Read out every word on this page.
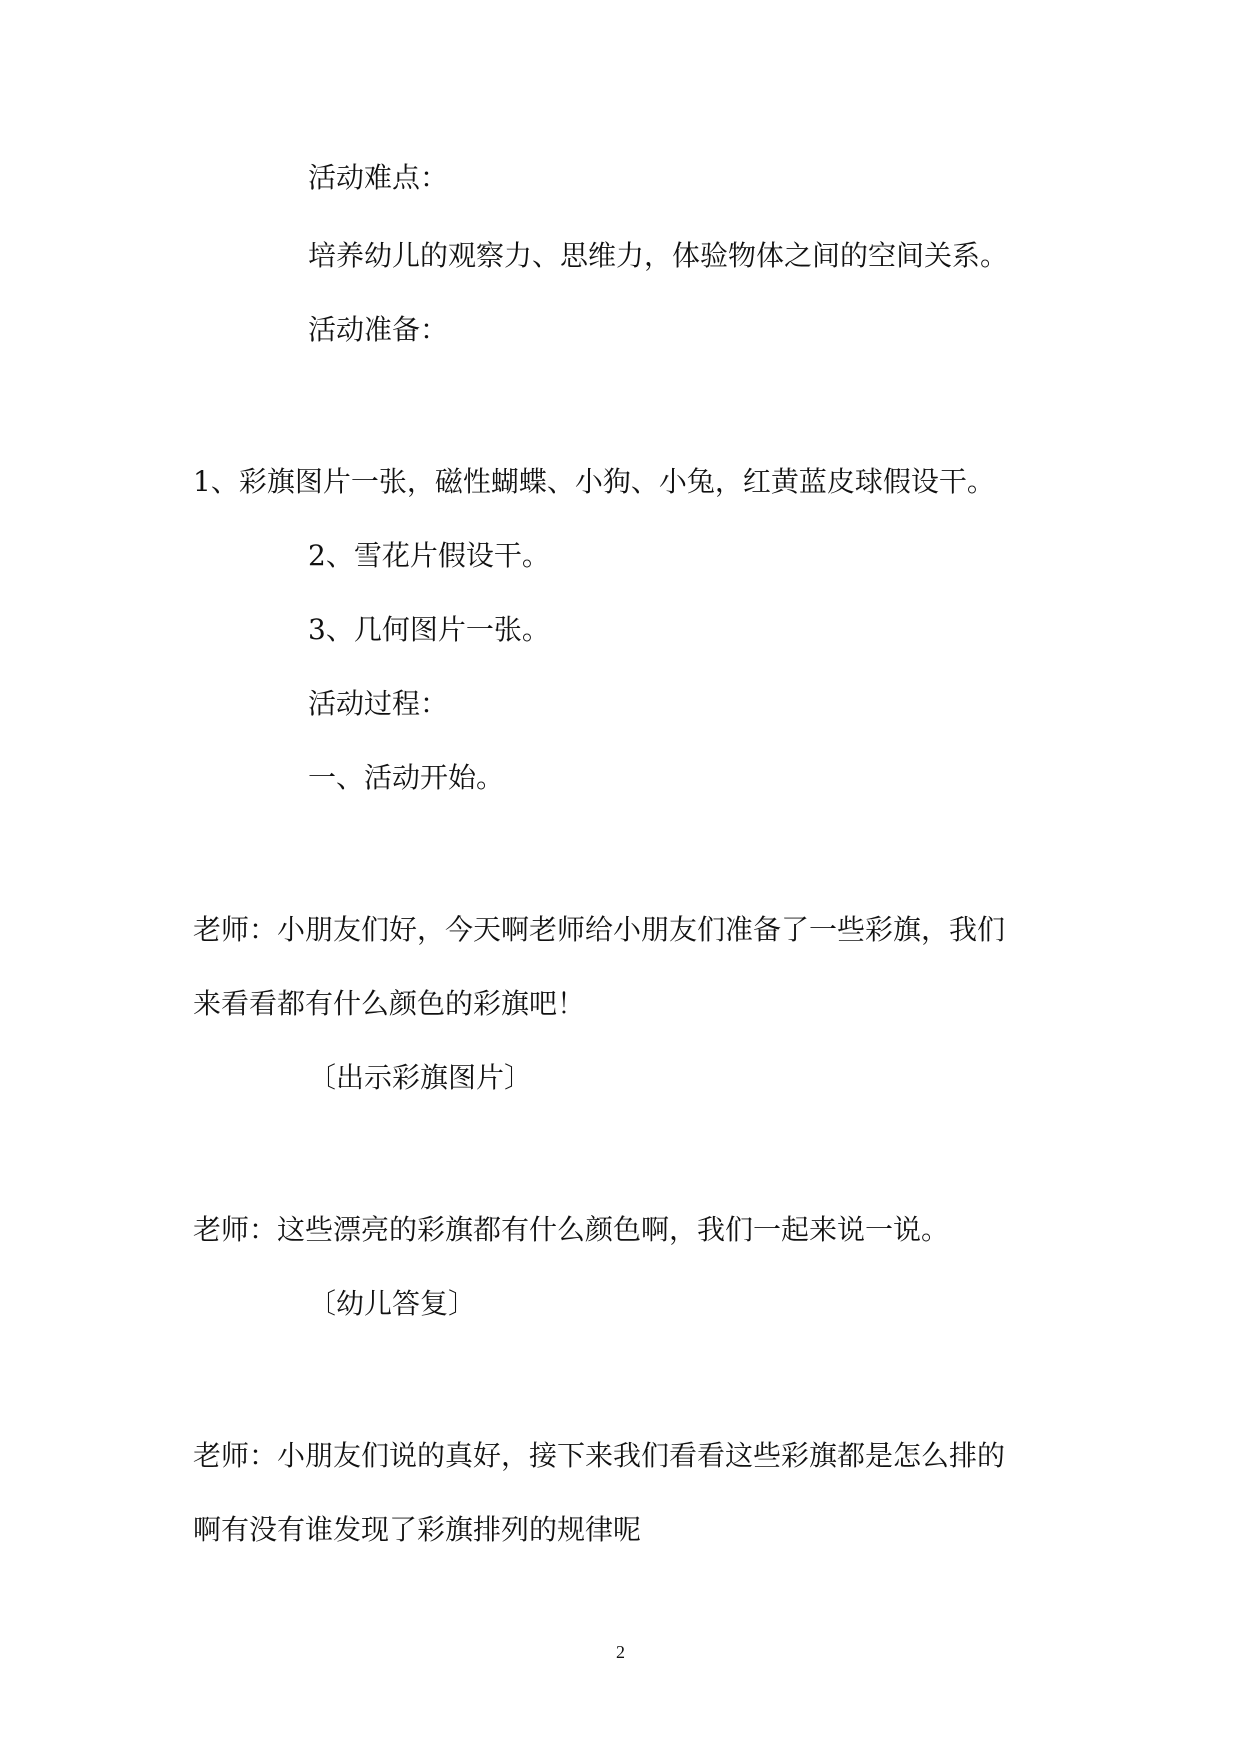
活动难点：
培养幼儿的观察力、思维力，体验物体之间的空间关系。
活动准备：
1、彩旗图片一张，磁性蝴蝶、小狗、小兔，红黄蓝皮球假设干。
2、雪花片假设干。
3、几何图片一张。
活动过程：
一、活动开始。
老师：小朋友们好，今天啊老师给小朋友们准备了一些彩旗，我们
来看看都有什么颜色的彩旗吧！
〔出示彩旗图片〕
老师：这些漂亮的彩旗都有什么颜色啊，我们一起来说一说。
〔幼儿答复〕
老师：小朋友们说的真好，接下来我们看看这些彩旗都是怎么排的
啊有没有谁发现了彩旗排列的规律呢
2
